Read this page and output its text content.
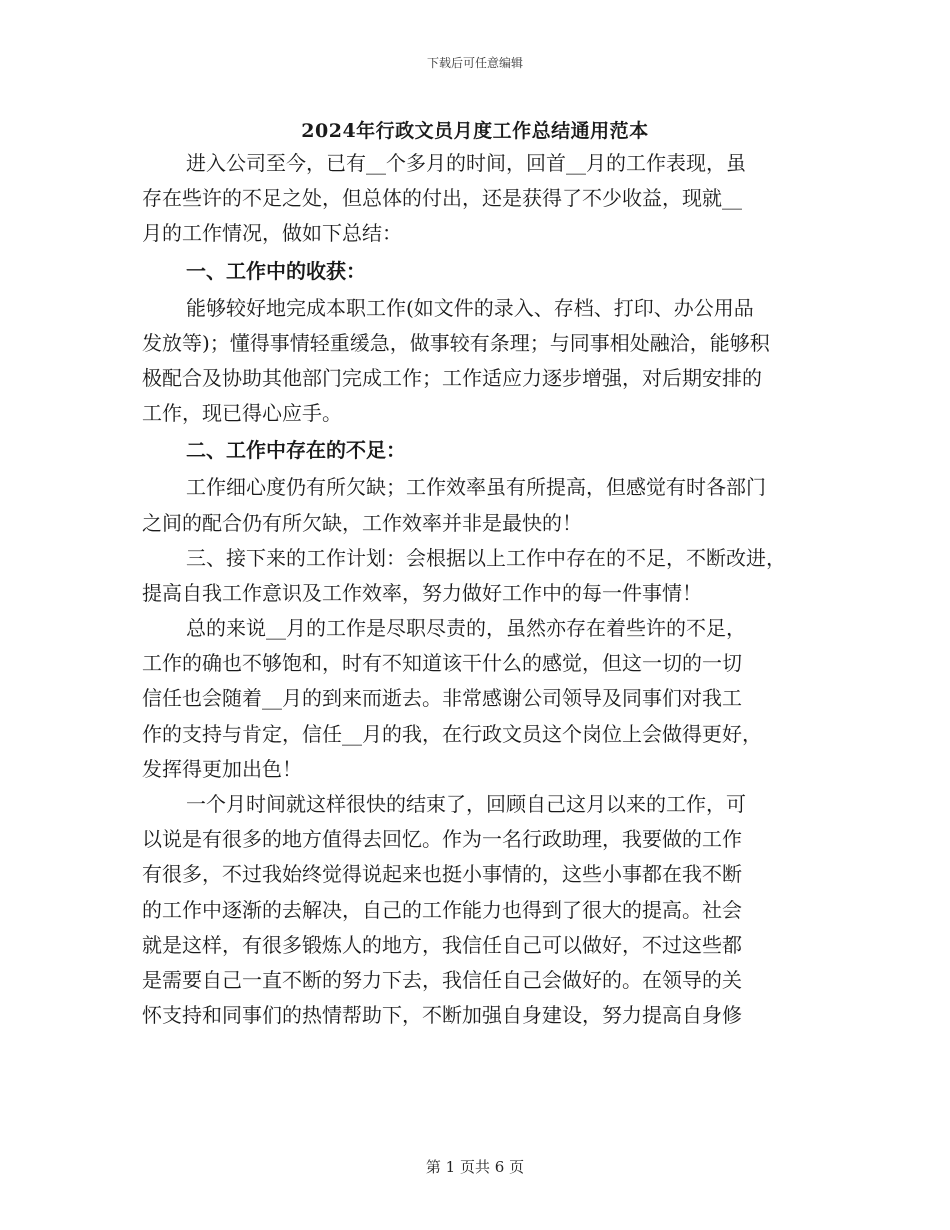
下载后可任意编辑
2024年行政文员月度工作总结通用范本
进入公司至今，已有__个多月的时间，回首__月的工作表现，虽
存在些许的不足之处，但总体的付出，还是获得了不少收益，现就__
月的工作情况，做如下总结：
一、工作中的收获：
能够较好地完成本职工作(如文件的录入、存档、打印、办公用品
发放等)；懂得事情轻重缓急，做事较有条理；与同事相处融洽，能够积
极配合及协助其他部门完成工作；工作适应力逐步增强，对后期安排的
工作，现已得心应手。
二、工作中存在的不足：
工作细心度仍有所欠缺；工作效率虽有所提高，但感觉有时各部门
之间的配合仍有所欠缺，工作效率并非是最快的！
三、接下来的工作计划：会根据以上工作中存在的不足，不断改进，
提高自我工作意识及工作效率，努力做好工作中的每一件事情！
总的来说__月的工作是尽职尽责的，虽然亦存在着些许的不足，
工作的确也不够饱和，时有不知道该干什么的感觉，但这一切的一切
信任也会随着__月的到来而逝去。非常感谢公司领导及同事们对我工
作的支持与肯定，信任__月的我，在行政文员这个岗位上会做得更好，
发挥得更加出色！
一个月时间就这样很快的结束了，回顾自己这月以来的工作，可
以说是有很多的地方值得去回忆。作为一名行政助理，我要做的工作
有很多，不过我始终觉得说起来也挺小事情的，这些小事都在我不断
的工作中逐渐的去解决，自己的工作能力也得到了很大的提高。社会
就是这样，有很多锻炼人的地方，我信任自己可以做好，不过这些都
是需要自己一直不断的努力下去，我信任自己会做好的。在领导的关
怀支持和同事们的热情帮助下，不断加强自身建设，努力提高自身修
第 1 页共 6 页
